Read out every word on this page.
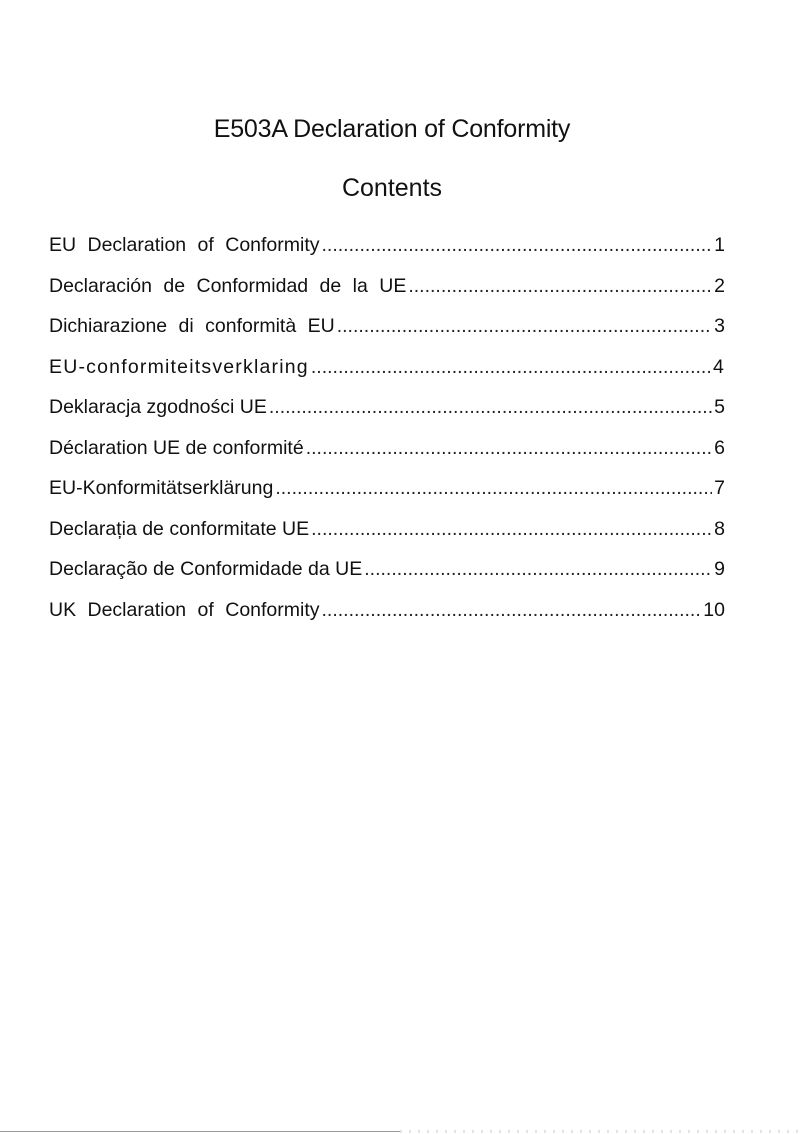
E503A Declaration of Conformity
Contents
EU Declaration of Conformity .....	1
Declaración de Conformidad de la UE .....	2
Dichiarazione di conformità EU .....	3
EU-conformiteitsverklaring .....	4
Deklaracja zgodności UE .....	5
Déclaration UE de conformité .....	6
EU-Konformitätserklärung .....	7
Declarația de conformitate UE .....	8
Declaração de Conformidade da UE .....	9
UK Declaration of Conformity .....	10
